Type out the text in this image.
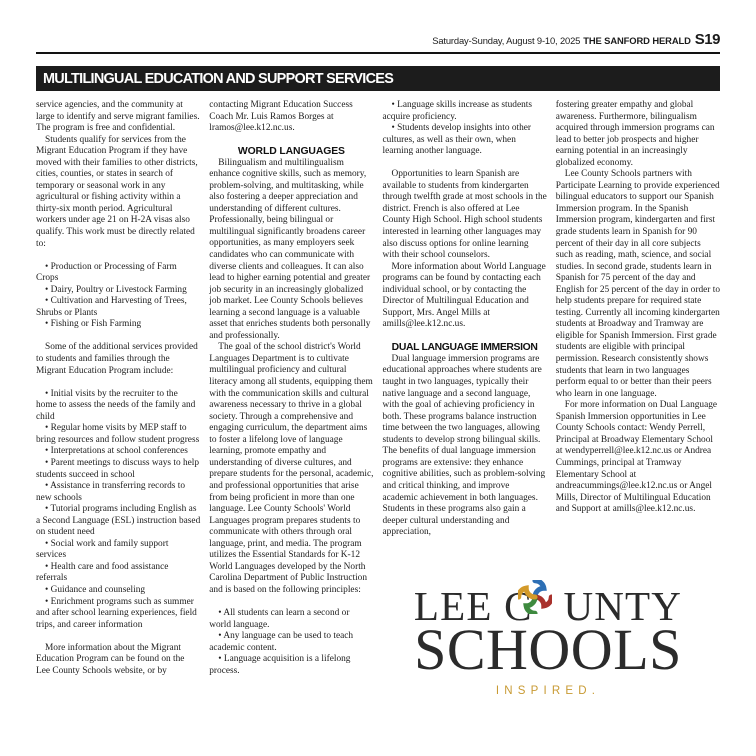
Saturday-Sunday, August 9-10, 2025 THE SANFORD HERALD S19
MULTILINGUAL EDUCATION AND SUPPORT SERVICES

service agencies, and the community at large to identify and serve migrant families. The program is free and confidential.

Students qualify for services from the Migrant Education Program if they have moved with their families to other districts, cities, counties, or states in search of temporary or seasonal work in any agricultural or fishing activity within a thirty-six month period. Agricultural workers under age 21 on H-2A visas also qualify. This work must be directly related to:

• Production or Processing of Farm Crops

• Dairy, Poultry or Livestock Farming

• Cultivation and Harvesting of Trees, Shrubs or Plants

• Fishing or Fish Farming

Some of the additional services provided to students and families through the Migrant Education Program include:

• Initial visits by the recruiter to the home to assess the needs of the family and child

• Regular home visits by MEP staff to bring resources and follow student progress

• Interpretations at school conferences

• Parent meetings to discuss ways to help students succeed in school

• Assistance in transferring records to new schools

• Tutorial programs including English as a Second Language (ESL) instruction based on student need

• Social work and family support services

• Health care and food assistance referrals

• Guidance and counseling

• Enrichment programs such as summer and after school learning experiences, field trips, and career information

More information about the Migrant Education Program can be found on the Lee County Schools website, or by

contacting Migrant Education Success Coach Mr. Luis Ramos Borges at lramos@lee.k12.nc.us.

WORLD LANGUAGES

Bilingualism and multilingualism enhance cognitive skills, such as memory, problem-solving, and multitasking, while also fostering a deeper appreciation and understanding of different cultures. Professionally, being bilingual or multilingual significantly broadens career opportunities, as many employers seek candidates who can communicate with diverse clients and colleagues. It can also lead to higher earning potential and greater job security in an increasingly globalized job market. Lee County Schools believes learning a second language is a valuable asset that enriches students both personally and professionally.

The goal of the school district's World Languages Department is to cultivate multilingual proficiency and cultural literacy among all students, equipping them with the communication skills and cultural awareness necessary to thrive in a global society. Through a comprehensive and engaging curriculum, the department aims to foster a lifelong love of language learning, promote empathy and understanding of diverse cultures, and prepare students for the personal, academic, and professional opportunities that arise from being proficient in more than one language. Lee County Schools' World Languages program prepares students to communicate with others through oral language, print, and media. The program utilizes the Essential Standards for K-12 World Languages developed by the North Carolina Department of Public Instruction and is based on the following principles:

• All students can learn a second or world language.

• Any language can be used to teach academic content.

• Language acquisition is a lifelong process.

• Language skills increase as students acquire proficiency.

• Students develop insights into other cultures, as well as their own, when learning another language.

Opportunities to learn Spanish are available to students from kindergarten through twelfth grade at most schools in the district. French is also offered at Lee County High School. High school students interested in learning other languages may also discuss options for online learning with their school counselors.

More information about World Language programs can be found by contacting each individual school, or by contacting the Director of Multilingual Education and Support, Mrs. Angel Mills at amills@lee.k12.nc.us.

DUAL LANGUAGE IMMERSION

Dual language immersion programs are educational approaches where students are taught in two languages, typically their native language and a second language, with the goal of achieving proficiency in both. These programs balance instruction time between the two languages, allowing students to develop strong bilingual skills. The benefits of dual language immersion programs are extensive: they enhance cognitive abilities, such as problem-solving and critical thinking, and improve academic achievement in both languages. Students in these programs also gain a deeper cultural understanding and appreciation,

fostering greater empathy and global awareness. Furthermore, bilingualism acquired through immersion programs can lead to better job prospects and higher earning potential in an increasingly globalized economy.

Lee County Schools partners with Participate Learning to provide experienced bilingual educators to support our Spanish Immersion program. In the Spanish Immersion program, kindergarten and first grade students learn in Spanish for 90 percent of their day in all core subjects such as reading, math, science, and social studies. In second grade, students learn in Spanish for 75 percent of the day and English for 25 percent of the day in order to help students prepare for required state testing. Currently all incoming kindergarten students at Broadway and Tramway are eligible for Spanish Immersion. First grade students are eligible with principal permission. Research consistently shows students that learn in two languages perform equal to or better than their peers who learn in one language.

For more information on Dual Language Spanish Immersion opportunities in Lee County Schools contact: Wendy Perrell, Principal at Broadway Elementary School at wendyperrell@lee.k12.nc.us or Andrea Cummings, principal at Tramway Elementary School at andreacummings@lee.k12.nc.us or Angel Mills, Director of Multilingual Education and Support at amills@lee.k12.nc.us.

LEE C UNTY
SCHOOLS
INSPIRED.
